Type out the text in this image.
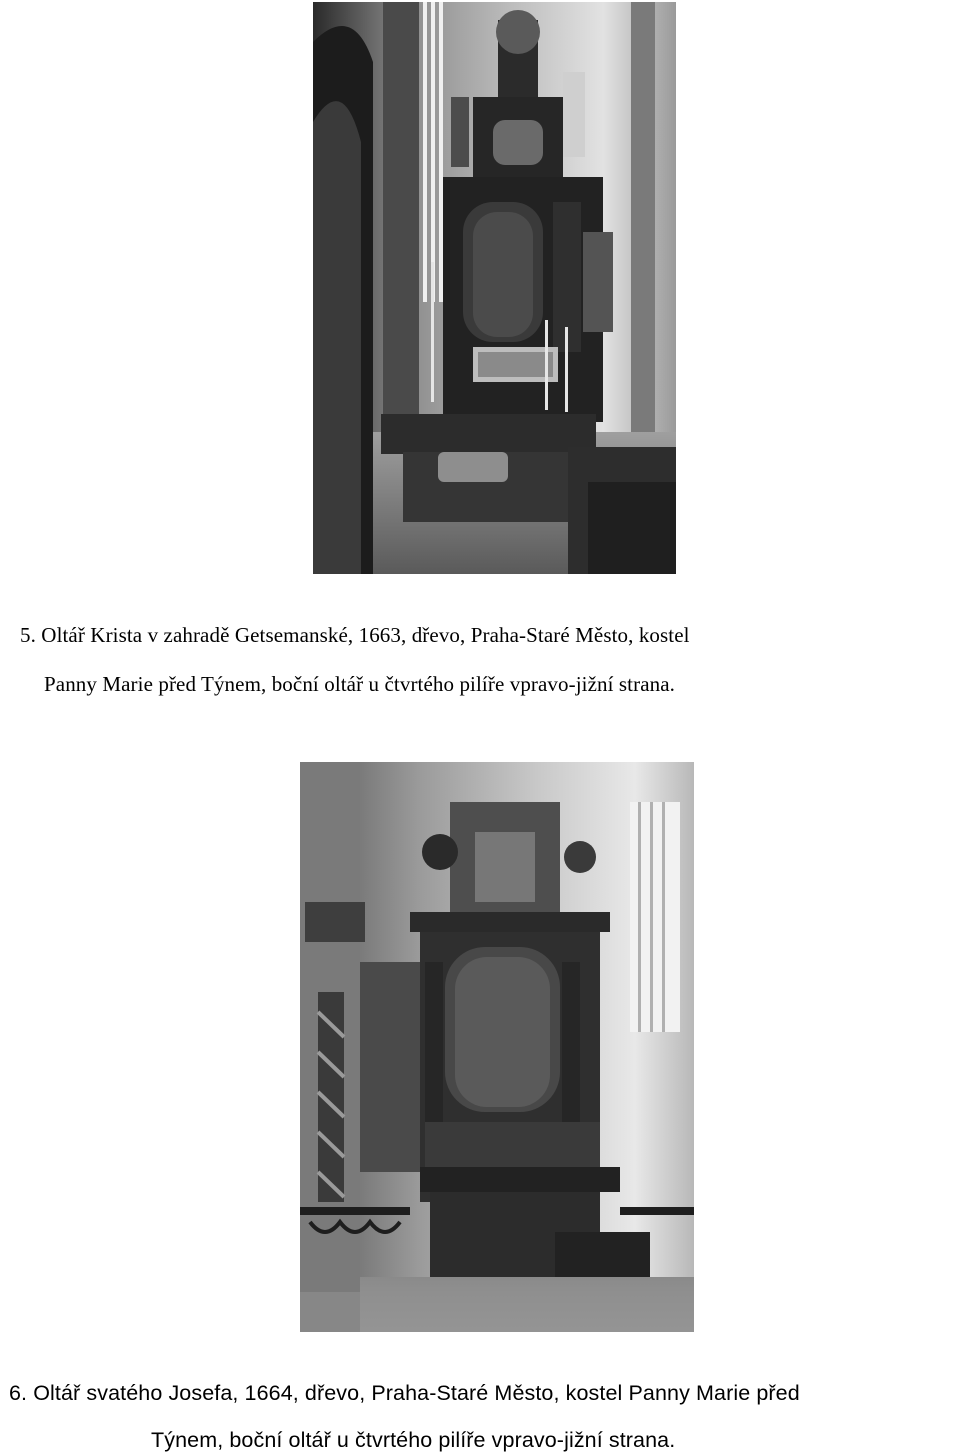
5. Oltář Krista v zahradě Getsemanské, 1663, dřevo, Praha-Staré Město, kostel
Panny Marie před Týnem, boční oltář u čtvrtého pilíře vpravo-jižní strana.
6. Oltář svatého Josefa, 1664, dřevo, Praha-Staré Město, kostel Panny Marie před
Týnem, boční oltář u čtvrtého pilíře vpravo-jižní strana.
